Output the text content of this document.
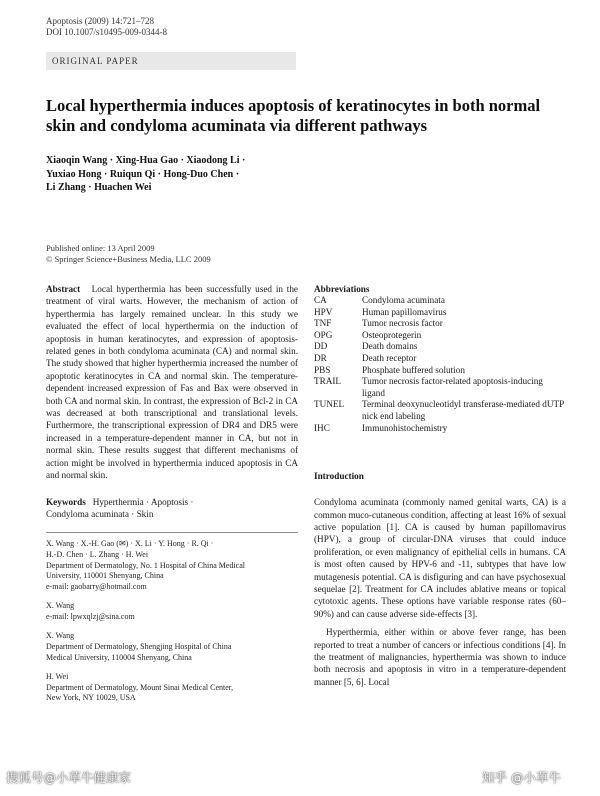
Apoptosis (2009) 14:721–728
DOI 10.1007/s10495-009-0344-8
ORIGINAL PAPER
Local hyperthermia induces apoptosis of keratinocytes in both normal skin and condyloma acuminata via different pathways
Xiaoqin Wang · Xing-Hua Gao · Xiaodong Li ·
Yuxiao Hong · Ruiqun Qi · Hong-Duo Chen ·
Li Zhang · Huachen Wei
Published online: 13 April 2009
© Springer Science+Business Media, LLC 2009

Abstract Local hyperthermia has been successfully used in the treatment of viral warts. However, the mechanism of action of hyperthermia has largely remained unclear. In this study we evaluated the effect of local hyperthermia on the induction of apoptosis in human keratinocytes, and expression of apoptosis-related genes in both condyloma acuminata (CA) and normal skin. The study showed that higher hyperthermia increased the number of apoptotic keratinocytes in CA and normal skin. The temperature-dependent increased expression of Fas and Bax were observed in both CA and normal skin. In contrast, the expression of Bcl-2 in CA was decreased at both transcriptional and translational levels. Furthermore, the transcriptional expression of DR4 and DR5 were increased in a temperature-dependent manner in CA, but not in normal skin. These results suggest that different mechanisms of action might be involved in hyperthermia induced apoptosis in CA and normal skin.

Keywords Hyperthermia · Apoptosis ·
Condyloma acuminata · Skin
X. Wang · X.-H. Gao (✉) · X. Li · Y. Hong · R. Qi ·
H.-D. Chen · L. Zhang · H. Wei
Department of Dermatology, No. 1 Hospital of China Medical
University, 110001 Shenyang, China
e-mail: gaobarry@hotmail.com
X. Wang
e-mail: lpwxqlzj@sina.com
X. Wang
Department of Dermatology, Shengjing Hospital of China
Medical University, 110004 Shenyang, China
H. Wei
Department of Dermatology, Mount Sinai Medical Center,
New York, NY 10029, USA
Abbreviations
CA	Condyloma acuminata
HPV	Human papillomavirus
TNF	Tumor necrosis factor
OPG	Osteoprotegerin
DD	Death domains
DR	Death receptor
PBS	Phosphate buffered solution
TRAIL	Tumor necrosis factor-related apoptosis-inducing ligand
TUNEL	Terminal deoxynucleotidyl transferase-mediated dUTP nick end labeling
IHC	Immunohistochemistry
Introduction

Condyloma acuminata (commonly named genital warts, CA) is a common muco-cutaneous condition, affecting at least 16% of sexual active population [1]. CA is caused by human papillomavirus (HPV), a group of circular-DNA viruses that could induce proliferation, or even malignancy of epithelial cells in humans. CA is most often caused by HPV-6 and -11, subtypes that have low mutagenesis potential. CA is disfiguring and can have psychosexual sequelae [2]. Treatment for CA includes ablative means or topical cytotoxic agents. These options have variable response rates (60–90%) and can cause adverse side-effects [3].

Hyperthermia, either within or above fever range, has been reported to treat a number of cancers or infectious conditions [4]. In the treatment of malignancies, hyperthermia was shown to induce both necrosis and apoptosis in vitro in a temperature-dependent manner [5, 6]. Local

搜狐号@小草牛健康家	知乎 @小草牛
